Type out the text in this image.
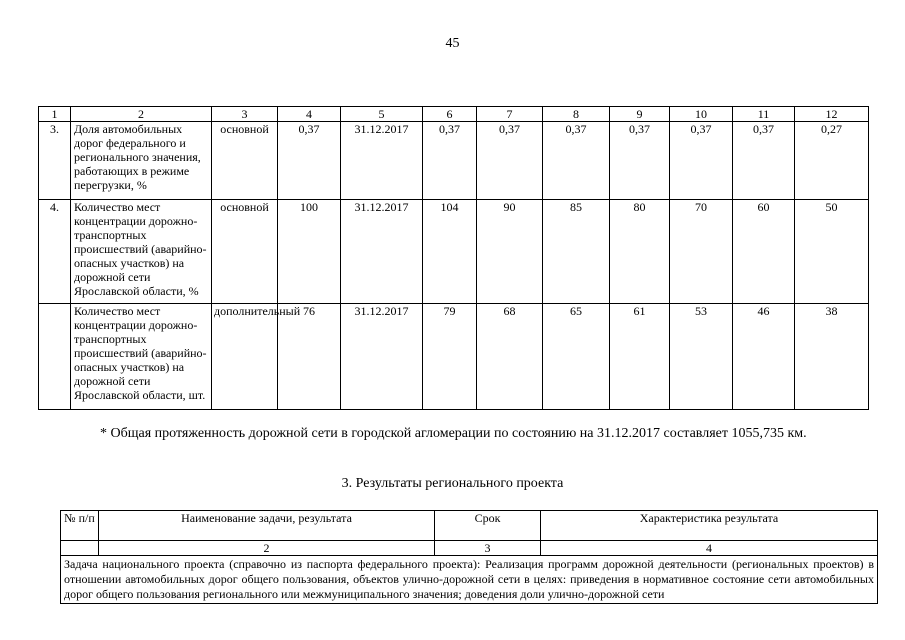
45
1	2	3	4	5	6	7	8	9	10	11	12
3.	Доля автомобильных дорог федерального и регионального значения, работающих в режиме перегрузки, %	основной	0,37	31.12.2017	0,37	0,37	0,37	0,37	0,37	0,37	0,27
4.	Количество мест концентрации дорожно-транспортных происшествий (аварийно-опасных участков) на дорожной сети Ярославской области, %	основной	100	31.12.2017	104	90	85	80	70	60	50
	Количество мест концентрации дорожно-транспортных происшествий (аварийно-опасных участков) на дорожной сети Ярославской области, шт.	дополнительный	76	31.12.2017	79	68	65	61	53	46	38
* Общая протяженность дорожной сети в городской агломерации по состоянию на 31.12.2017 составляет 1055,735 км.
3. Результаты регионального проекта
№ п/п	Наименование задачи, результата	Срок	Характеристика результата
	2	3	4
Задача национального проекта (справочно из паспорта федерального проекта): Реализация программ дорожной деятельности (региональных проектов) в отношении автомобильных дорог общего пользования, объектов улично-дорожной сети в целях: приведения в нормативное состояние сети автомобильных дорог общего пользования регионального или межмуниципального значения; доведения доли улично-дорожной сети			
